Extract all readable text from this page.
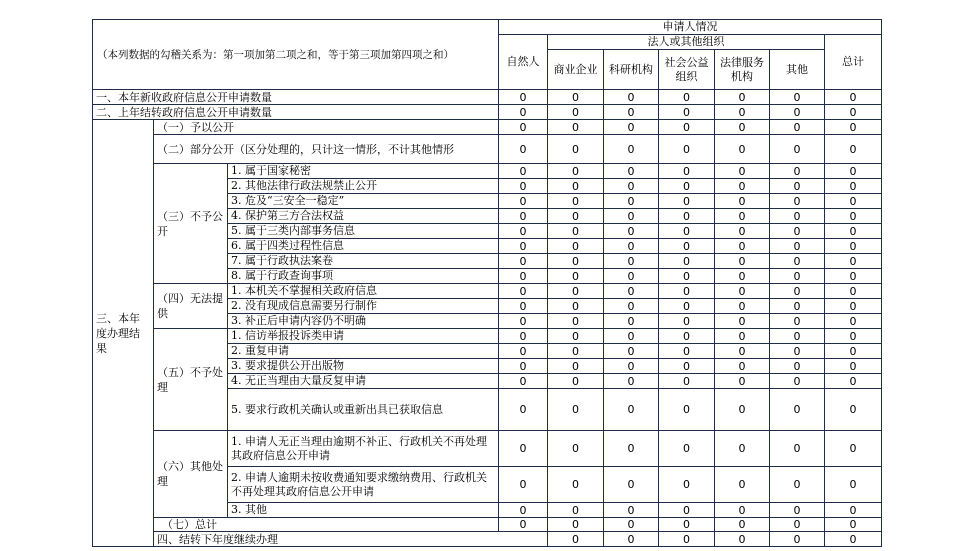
（本列数据的勾稽关系为：第一项加第二项之和，等于第三项加第四项之和）			申请人情况							
			自然人	法人或其他组织					总计	
				商业企业	科研机构	社会公益组织	法律服务机构	其他		
一、本年新收政府信息公开申请数量			0	0	0	0	0	0	0	
二、上年结转政府信息公开申请数量			0	0	0	0	0	0	0	
三、本年度办理结果	（一）予以公开		0	0	0	0	0	0	0	
	（二）部分公开（区分处理的，只计这一情形，不计其他情形		0	0	0	0	0	0	0	
	（三）不予公开	1. 属于国家秘密	0	0	0	0	0	0	0	
		2. 其他法律行政法规禁止公开	0	0	0	0	0	0	0	
		3. 危及“三安全一稳定”	0	0	0	0	0	0	0	
		4. 保护第三方合法权益	0	0	0	0	0	0	0	
		5. 属于三类内部事务信息	0	0	0	0	0	0	0	
		6. 属于四类过程性信息	0	0	0	0	0	0	0	
		7. 属于行政执法案卷	0	0	0	0	0	0	0	
		8. 属于行政查询事项	0	0	0	0	0	0	0	
	（四）无法提供	1. 本机关不掌握相关政府信息	0	0	0	0	0	0	0	
		2. 没有现成信息需要另行制作	0	0	0	0	0	0	0	
		3. 补正后申请内容仍不明确	0	0	0	0	0	0	0	
	（五）不予处理	1. 信访举报投诉类申请	0	0	0	0	0	0	0	
		2. 重复申请	0	0	0	0	0	0	0	
		3. 要求提供公开出版物	0	0	0	0	0	0	0	
		4. 无正当理由大量反复申请	0	0	0	0	0	0	0	
		5. 要求行政机关确认或重新出具已获取信息	0	0	0	0	0	0	0	
	（六）其他处理	1. 申请人无正当理由逾期不补正、行政机关不再处理其政府信息公开申请	0	0	0	0	0	0	0	
		2. 申请人逾期未按收费通知要求缴纳费用、行政机关不再处理其政府信息公开申请	0	0	0	0	0	0	0	
		3. 其他	0	0	0	0	0	0	0	
	（七）总计		0	0	0	0	0	0	0	
	四、结转下年度继续办理			0	0	0	0	0	0	
